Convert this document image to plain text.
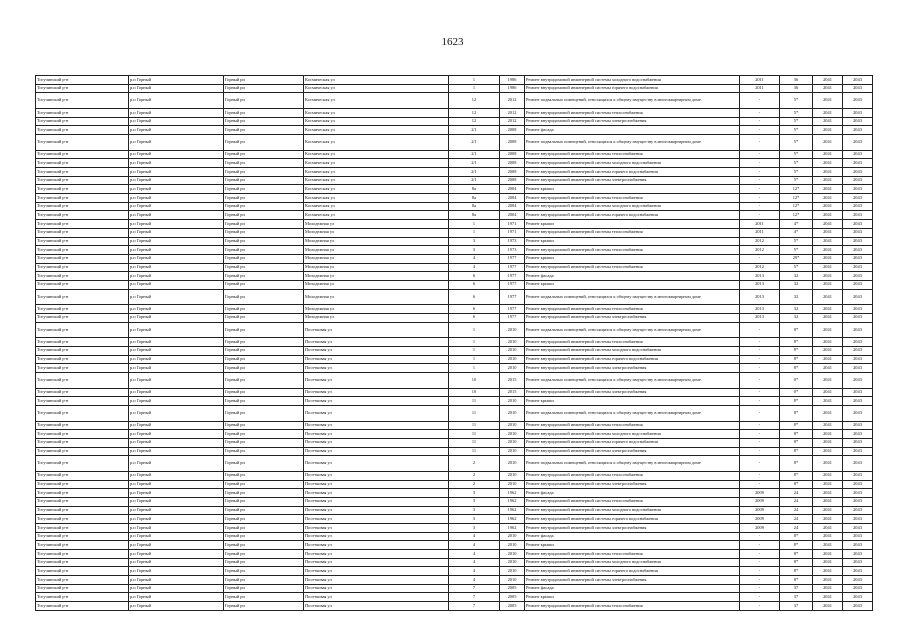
1623
Тогучинский р-н	р.п Горный	Горный рп	Космическая ул	1	1986	Ремонт внутридомовой инженерной системы холодного водоснабжения	2011	36	2041	2043
Тогучинский р-н	р.п Горный	Горный рп	Космическая ул	1	1986	Ремонт внутридомовой инженерной системы горячего водоснабжения	2011	36	2041	2043
Тогучинский р-н	р.п Горный	Горный рп	Космическая ул	12	2012	Ремонт подвальных помещений, относящихся к общему имуществу в многоквартирном доме	-	5*	2041	2043
Тогучинский р-н	р.п Горный	Горный рп	Космическая ул	12	2012	Ремонт внутридомовой инженерной системы теплоснабжения	-	5*	2041	2043
Тогучинский р-н	р.п Горный	Горный рп	Космическая ул	12	2012	Ремонт внутридомовой инженерной системы электроснабжения	-	5*	2041	2043
Тогучинский р-н	р.п Горный	Горный рп	Космическая ул	2/1	2008	Ремонт фасада	-	5*	2041	2043
Тогучинский р-н	р.п Горный	Горный рп	Космическая ул	2/1	2008	Ремонт подвальных помещений, относящихся к общему имуществу в многоквартирном доме	-	5*	2041	2043
Тогучинский р-н	р.п Горный	Горный рп	Космическая ул	2/1	2008	Ремонт внутридомовой инженерной системы теплоснабжения	-	5*	2041	2043
Тогучинский р-н	р.п Горный	Горный рп	Космическая ул	2/1	2008	Ремонт внутридомовой инженерной системы холодного водоснабжения	-	5*	2041	2043
Тогучинский р-н	р.п Горный	Горный рп	Космическая ул	2/1	2008	Ремонт внутридомовой инженерной системы горячего водоснабжения	-	5*	2041	2043
Тогучинский р-н	р.п Горный	Горный рп	Космическая ул	2/1	2008	Ремонт внутридомовой инженерной системы электроснабжения	-	5*	2041	2043
Тогучинский р-н	р.п Горный	Горный рп	Космическая ул	8а	2004	Ремонт крыши	-	12*	2041	2043
Тогучинский р-н	р.п Горный	Горный рп	Космическая ул	8а	2004	Ремонт внутридомовой инженерной системы теплоснабжения	-	12*	2041	2043
Тогучинский р-н	р.п Горный	Горный рп	Космическая ул	8а	2004	Ремонт внутридомовой инженерной системы холодного водоснабжения	-	12*	2041	2043
Тогучинский р-н	р.п Горный	Горный рп	Космическая ул	8а	2004	Ремонт внутридомовой инженерной системы горячего водоснабжения	-	12*	2041	2043
Тогучинский р-н	р.п Горный	Горный рп	Молодежная ул	1	1971	Ремонт крыши	2011	4*	2041	2043
Тогучинский р-н	р.п Горный	Горный рп	Молодежная ул	1	1971	Ремонт внутридомовой инженерной системы теплоснабжения	2011	4*	2041	2043
Тогучинский р-н	р.п Горный	Горный рп	Молодежная ул	3	1973	Ремонт крыши	2012	5*	2041	2043
Тогучинский р-н	р.п Горный	Горный рп	Молодежная ул	3	1973	Ремонт внутридомовой инженерной системы теплоснабжения	2012	5*	2041	2043
Тогучинский р-н	р.п Горный	Горный рп	Молодежная ул	4	1977	Ремонт крыши	-	29*	2041	2043
Тогучинский р-н	р.п Горный	Горный рп	Молодежная ул	4	1977	Ремонт внутридомовой инженерной системы теплоснабжения	2012	5*	2041	2043
Тогучинский р-н	р.п Горный	Горный рп	Молодежная ул	6	1977	Ремонт фасада	2013	32	2041	2043
Тогучинский р-н	р.п Горный	Горный рп	Молодежная ул	6	1977	Ремонт крыши	2013	32	2041	2043
Тогучинский р-н	р.п Горный	Горный рп	Молодежная ул	6	1977	Ремонт подвальных помещений, относящихся к общему имуществу в многоквартирном доме	2013	32	2041	2043
Тогучинский р-н	р.п Горный	Горный рп	Молодежная ул	6	1977	Ремонт внутридомовой инженерной системы теплоснабжения	2013	32	2041	2043
Тогучинский р-н	р.п Горный	Горный рп	Молодежная ул	6	1977	Ремонт внутридомовой инженерной системы электроснабжения	2013	32	2041	2043
Тогучинский р-н	р.п Горный	Горный рп	Посетковая ул	1	2010	Ремонт подвальных помещений, относящихся к общему имуществу в многоквартирном доме	-	8*	2041	2043
Тогучинский р-н	р.п Горный	Горный рп	Посетковая ул	1	2010	Ремонт внутридомовой инженерной системы теплоснабжения	-	8*	2041	2043
Тогучинский р-н	р.п Горный	Горный рп	Посетковая ул	1	2010	Ремонт внутридомовой инженерной системы холодного водоснабжения	-	8*	2041	2043
Тогучинский р-н	р.п Горный	Горный рп	Посетковая ул	1	2010	Ремонт внутридомовой инженерной системы горячего водоснабжения	-	8*	2041	2043
Тогучинский р-н	р.п Горный	Горный рп	Посетковая ул	1	2010	Ремонт внутридомовой инженерной системы электроснабжения	-	8*	2041	2043
Тогучинский р-н	р.п Горный	Горный рп	Посетковая ул	10	2015	Ремонт подвальных помещений, относящихся к общему имуществу в многоквартирном доме	-	0*	2041	2043
Тогучинский р-н	р.п Горный	Горный рп	Посетковая ул	10	2015	Ремонт внутридомовой инженерной системы электроснабжения	-	0*	2041	2043
Тогучинский р-н	р.п Горный	Горный рп	Посетковая ул	11	2010	Ремонт крыши	-	8*	2041	2043
Тогучинский р-н	р.п Горный	Горный рп	Посетковая ул	11	2010	Ремонт подвальных помещений, относящихся к общему имуществу в многоквартирном доме	-	8*	2041	2043
Тогучинский р-н	р.п Горный	Горный рп	Посетковая ул	11	2010	Ремонт внутридомовой инженерной системы теплоснабжения	-	8*	2041	2043
Тогучинский р-н	р.п Горный	Горный рп	Посетковая ул	11	2010	Ремонт внутридомовой инженерной системы холодного водоснабжения	-	8*	2041	2043
Тогучинский р-н	р.п Горный	Горный рп	Посетковая ул	11	2010	Ремонт внутридомовой инженерной системы горячего водоснабжения	-	8*	2041	2043
Тогучинский р-н	р.п Горный	Горный рп	Посетковая ул	11	2010	Ремонт внутридомовой инженерной системы электроснабжения	-	8*	2041	2043
Тогучинский р-н	р.п Горный	Горный рп	Посетковая ул	2	2010	Ремонт подвальных помещений, относящихся к общему имуществу в многоквартирном доме	-	8*	2041	2043
Тогучинский р-н	р.п Горный	Горный рп	Посетковая ул	2	2010	Ремонт внутридомовой инженерной системы теплоснабжения	-	8*	2041	2043
Тогучинский р-н	р.п Горный	Горный рп	Посетковая ул	2	2010	Ремонт внутридомовой инженерной системы электроснабжения	-	8*	2041	2043
Тогучинский р-н	р.п Горный	Горный рп	Посетковая ул	3	1962	Ремонт фасада	2009	24	2041	2043
Тогучинский р-н	р.п Горный	Горный рп	Посетковая ул	3	1962	Ремонт внутридомовой инженерной системы теплоснабжения	2009	24	2041	2043
Тогучинский р-н	р.п Горный	Горный рп	Посетковая ул	3	1962	Ремонт внутридомовой инженерной системы холодного водоснабжения	2009	24	2041	2043
Тогучинский р-н	р.п Горный	Горный рп	Посетковая ул	3	1962	Ремонт внутридомовой инженерной системы горячего водоснабжения	2009	24	2041	2043
Тогучинский р-н	р.п Горный	Горный рп	Посетковая ул	3	1962	Ремонт внутридомовой инженерной системы электроснабжения	2009	24	2041	2043
Тогучинский р-н	р.п Горный	Горный рп	Посетковая ул	4	2010	Ремонт фасада	-	8*	2041	2043
Тогучинский р-н	р.п Горный	Горный рп	Посетковая ул	4	2010	Ремонт крыши	-	8*	2041	2043
Тогучинский р-н	р.п Горный	Горный рп	Посетковая ул	4	2010	Ремонт внутридомовой инженерной системы теплоснабжения	-	8*	2041	2043
Тогучинский р-н	р.п Горный	Горный рп	Посетковая ул	4	2010	Ремонт внутридомовой инженерной системы холодного водоснабжения	-	8*	2041	2043
Тогучинский р-н	р.п Горный	Горный рп	Посетковая ул	4	2010	Ремонт внутридомовой инженерной системы горячего водоснабжения	-	8*	2041	2043
Тогучинский р-н	р.п Горный	Горный рп	Посетковая ул	4	2010	Ремонт внутридомовой инженерной системы электроснабжения	-	8*	2041	2043
Тогучинский р-н	р.п Горный	Горный рп	Посетковая ул	7	2005	Ремонт фасада	-	37	2041	2043
Тогучинский р-н	р.п Горный	Горный рп	Посетковая ул	7	2005	Ремонт крыши	-	37	2041	2043
Тогучинский р-н	р.п Горный	Горный рп	Посетковая ул	7	2005	Ремонт внутридомовой инженерной системы теплоснабжения	-	37	2041	2043
